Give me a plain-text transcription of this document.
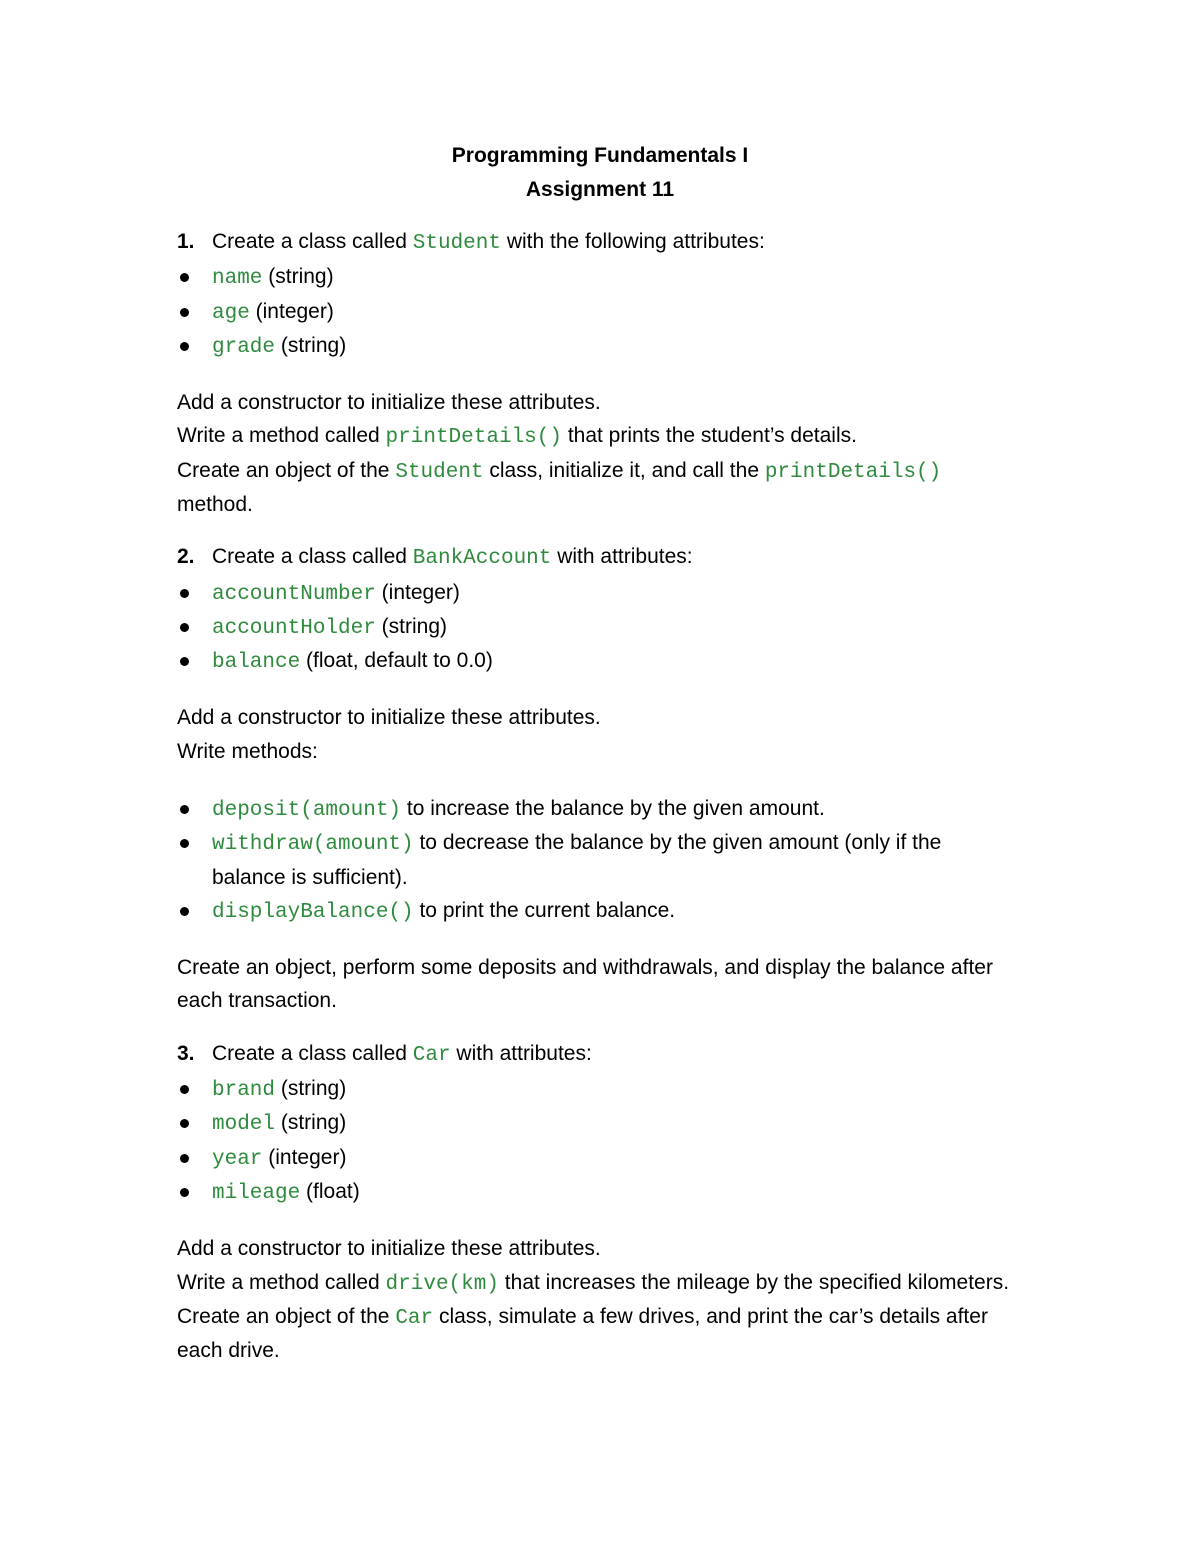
Programming Fundamentals I
Assignment 11
1. Create a class called Student with the following attributes:
name (string)
age (integer)
grade (string)
Add a constructor to initialize these attributes.
Write a method called printDetails() that prints the student’s details.
Create an object of the Student class, initialize it, and call the printDetails()
method.
2. Create a class called BankAccount with attributes:
accountNumber (integer)
accountHolder (string)
balance (float, default to 0.0)
Add a constructor to initialize these attributes.
Write methods:
deposit(amount) to increase the balance by the given amount.
withdraw(amount) to decrease the balance by the given amount (only if the
balance is sufficient).
displayBalance() to print the current balance.
Create an object, perform some deposits and withdrawals, and display the balance after
each transaction.
3. Create a class called Car with attributes:
brand (string)
model (string)
year (integer)
mileage (float)
Add a constructor to initialize these attributes.
Write a method called drive(km) that increases the mileage by the specified kilometers.
Create an object of the Car class, simulate a few drives, and print the car’s details after
each drive.
